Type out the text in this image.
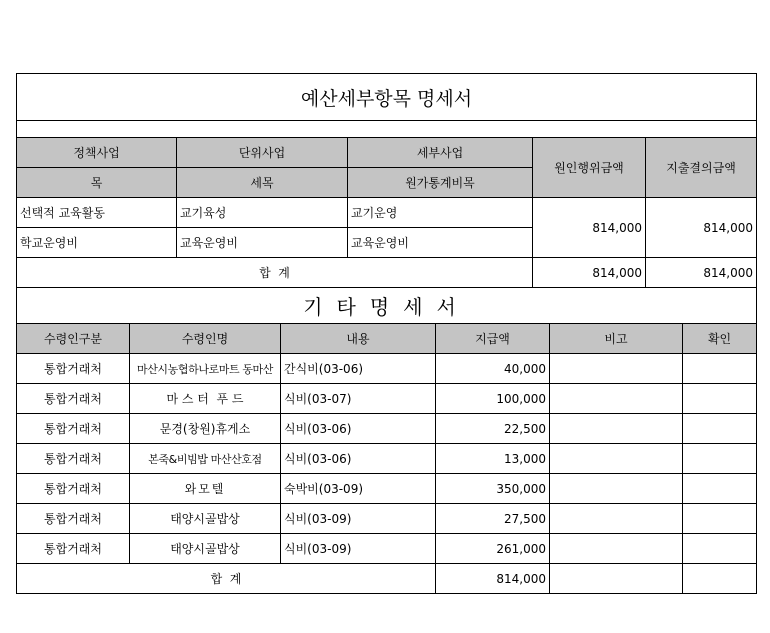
예산세부항목 명세서				

정책사업	단위사업	세부사업	원인행위금액	지출결의금액
목	세목	원가통계비목		
선택적 교육활동	교기육성	교기운영	814,000	814,000
학교운영비	교육운영비	교육운영비		
합  계			814,000	814,000
기타명세서					
수령인구분	수령인명	내용	지급액	비고	확인
통합거래처	마산시농협하나로마트 동마산	간식비(03-06)	40,000		
통합거래처	마 스 터  푸 드	식비(03-07)	100,000		
통합거래처	문경(창원)휴게소	식비(03-06)	22,500		
통합거래처	본죽&비빔밥 마산산호점	식비(03-06)	13,000		
통합거래처	와모텔	숙박비(03-09)	350,000		
통합거래처	태양시골밥상	식비(03-09)	27,500		
통합거래처	태양시골밥상	식비(03-09)	261,000		
합  계			814,000		
